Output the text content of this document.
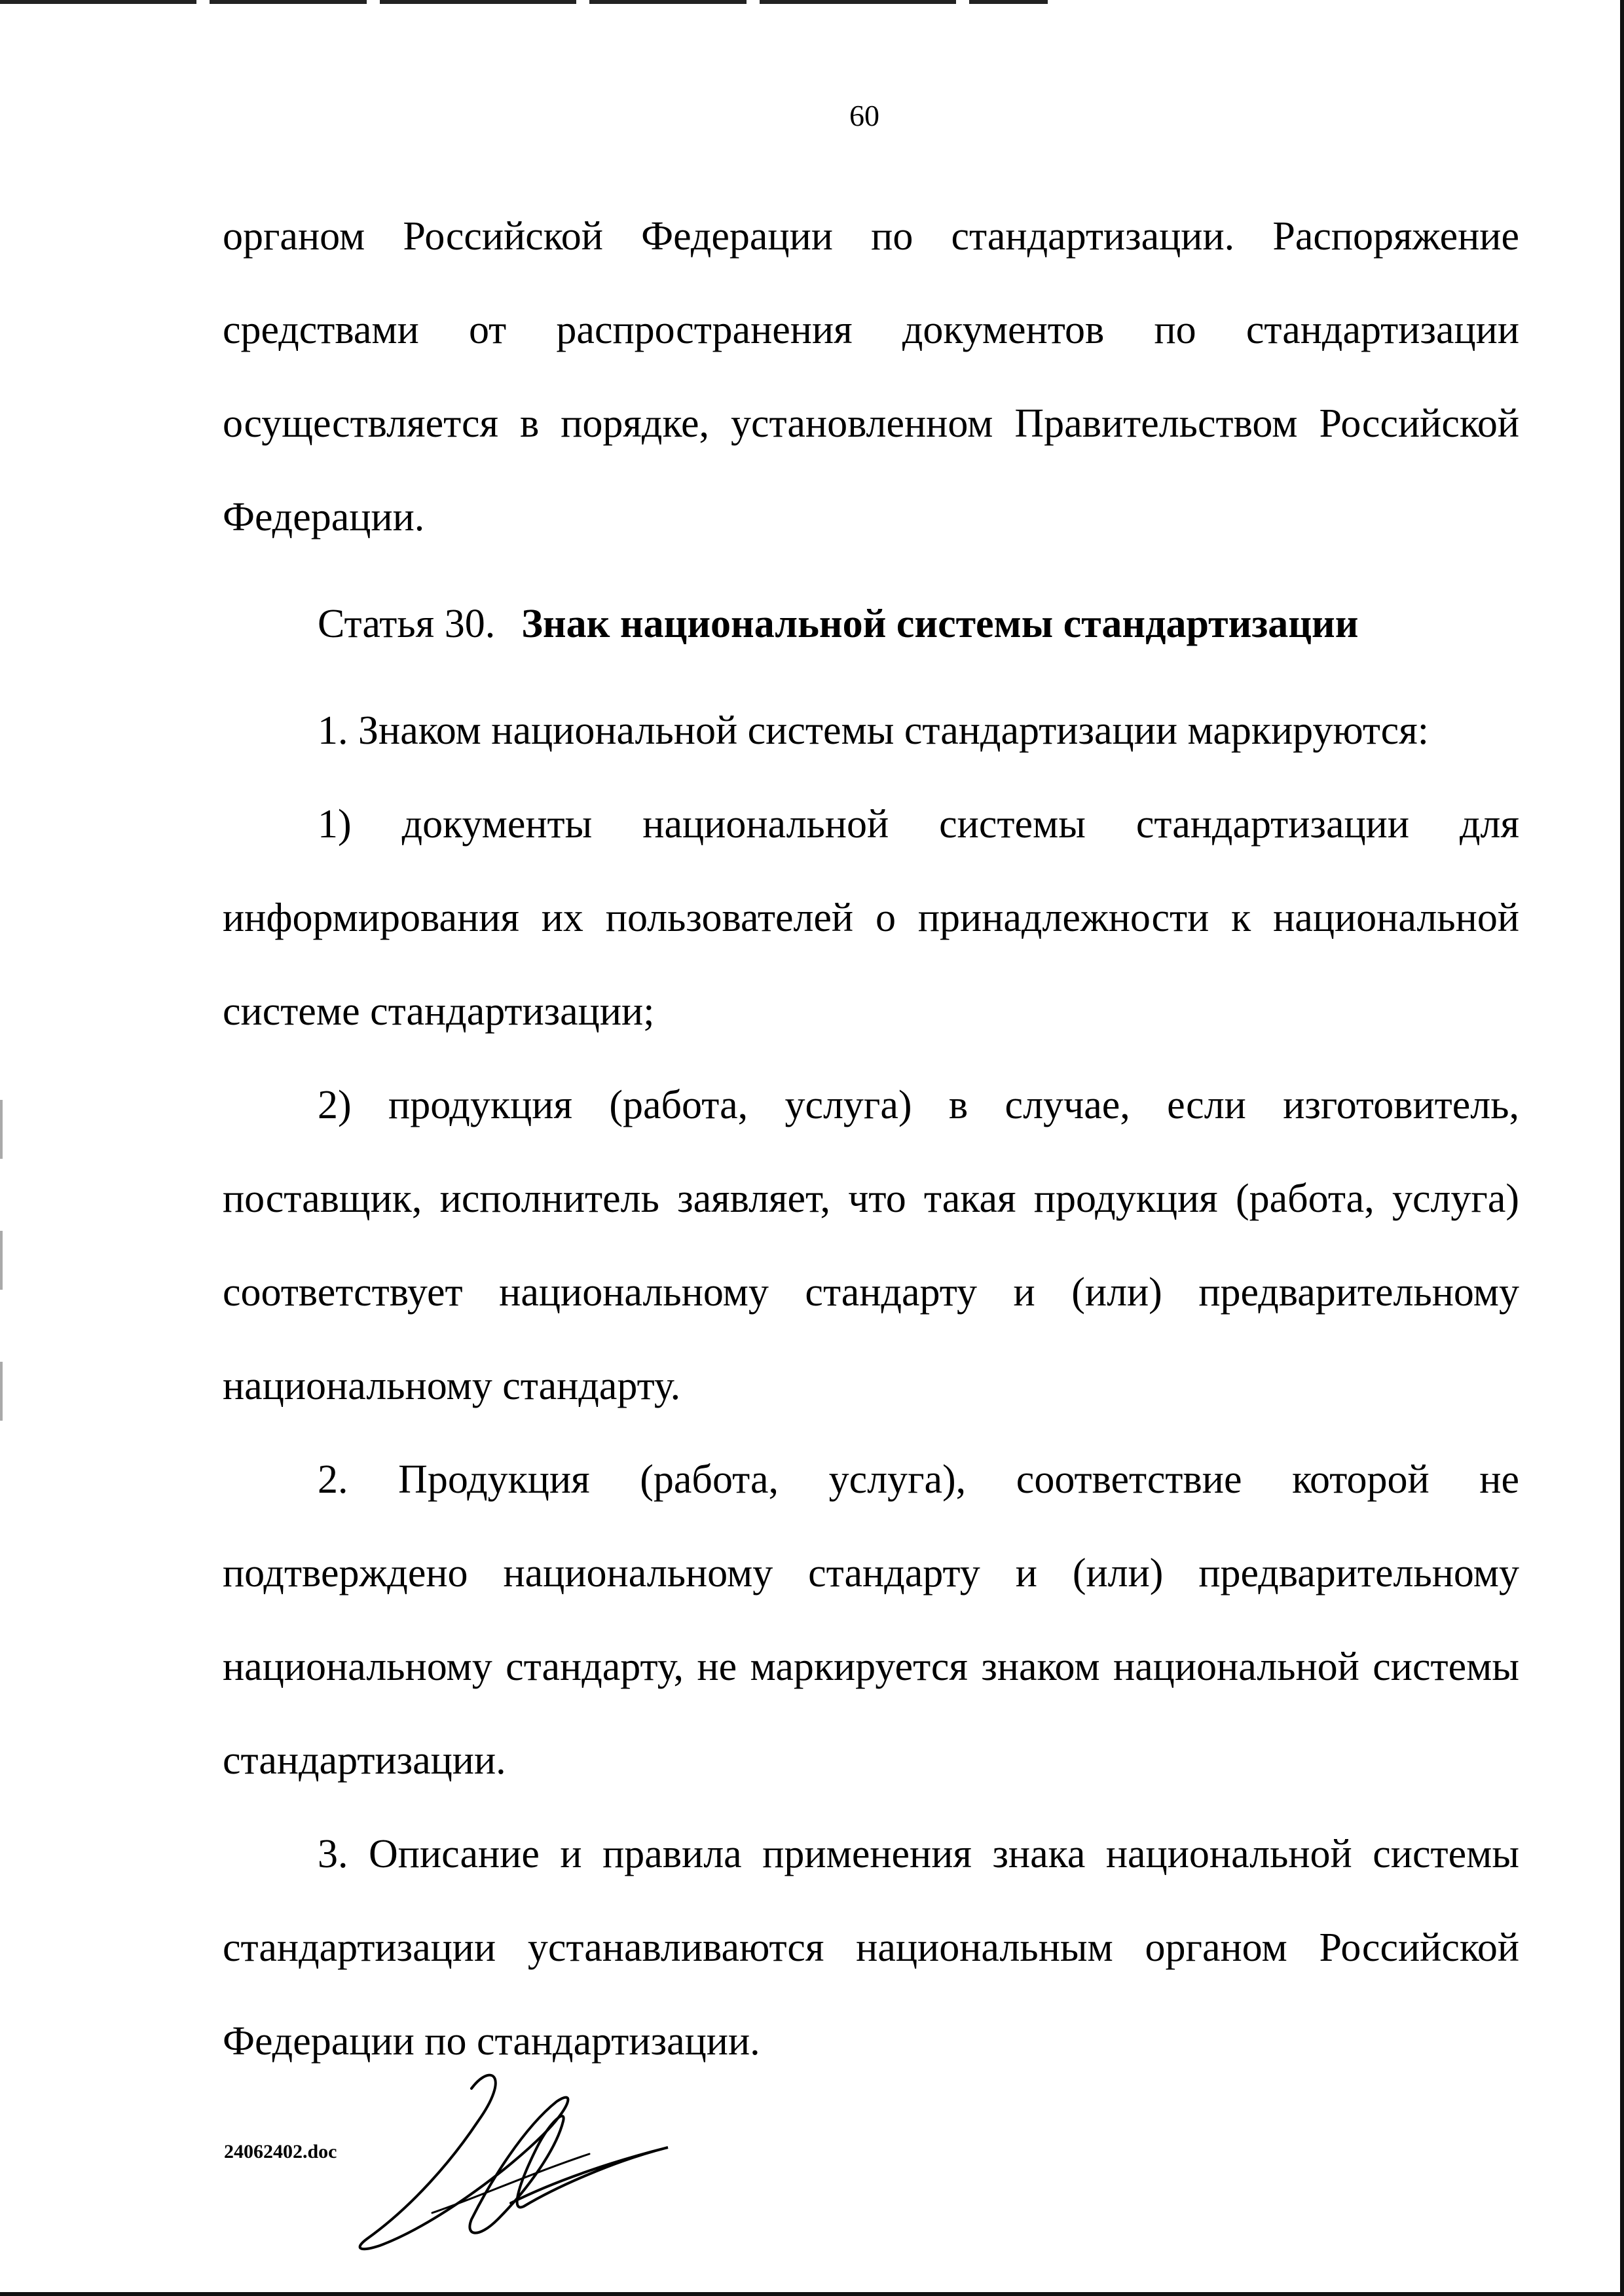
60

органом Российской Федерации по стандартизации. Распоряжение средствами от распространения документов по стандартизации осуществляется в порядке, установленном Правительством Российской Федерации.

Статья 30. Знак национальной системы стандартизации

1. Знаком национальной системы стандартизации маркируются:

1) документы национальной системы стандартизации для информирования их пользователей о принадлежности к национальной системе стандартизации;

2) продукция (работа, услуга) в случае, если изготовитель, поставщик, исполнитель заявляет, что такая продукция (работа, услуга) соответствует национальному стандарту и (или) предварительному национальному стандарту.

2. Продукция (работа, услуга), соответствие которой не подтверждено национальному стандарту и (или) предварительному национальному стандарту, не маркируется знаком национальной системы стандартизации.

3. Описание и правила применения знака национальной системы стандартизации устанавливаются национальным органом Российской Федерации по стандартизации.

24062402.doc
